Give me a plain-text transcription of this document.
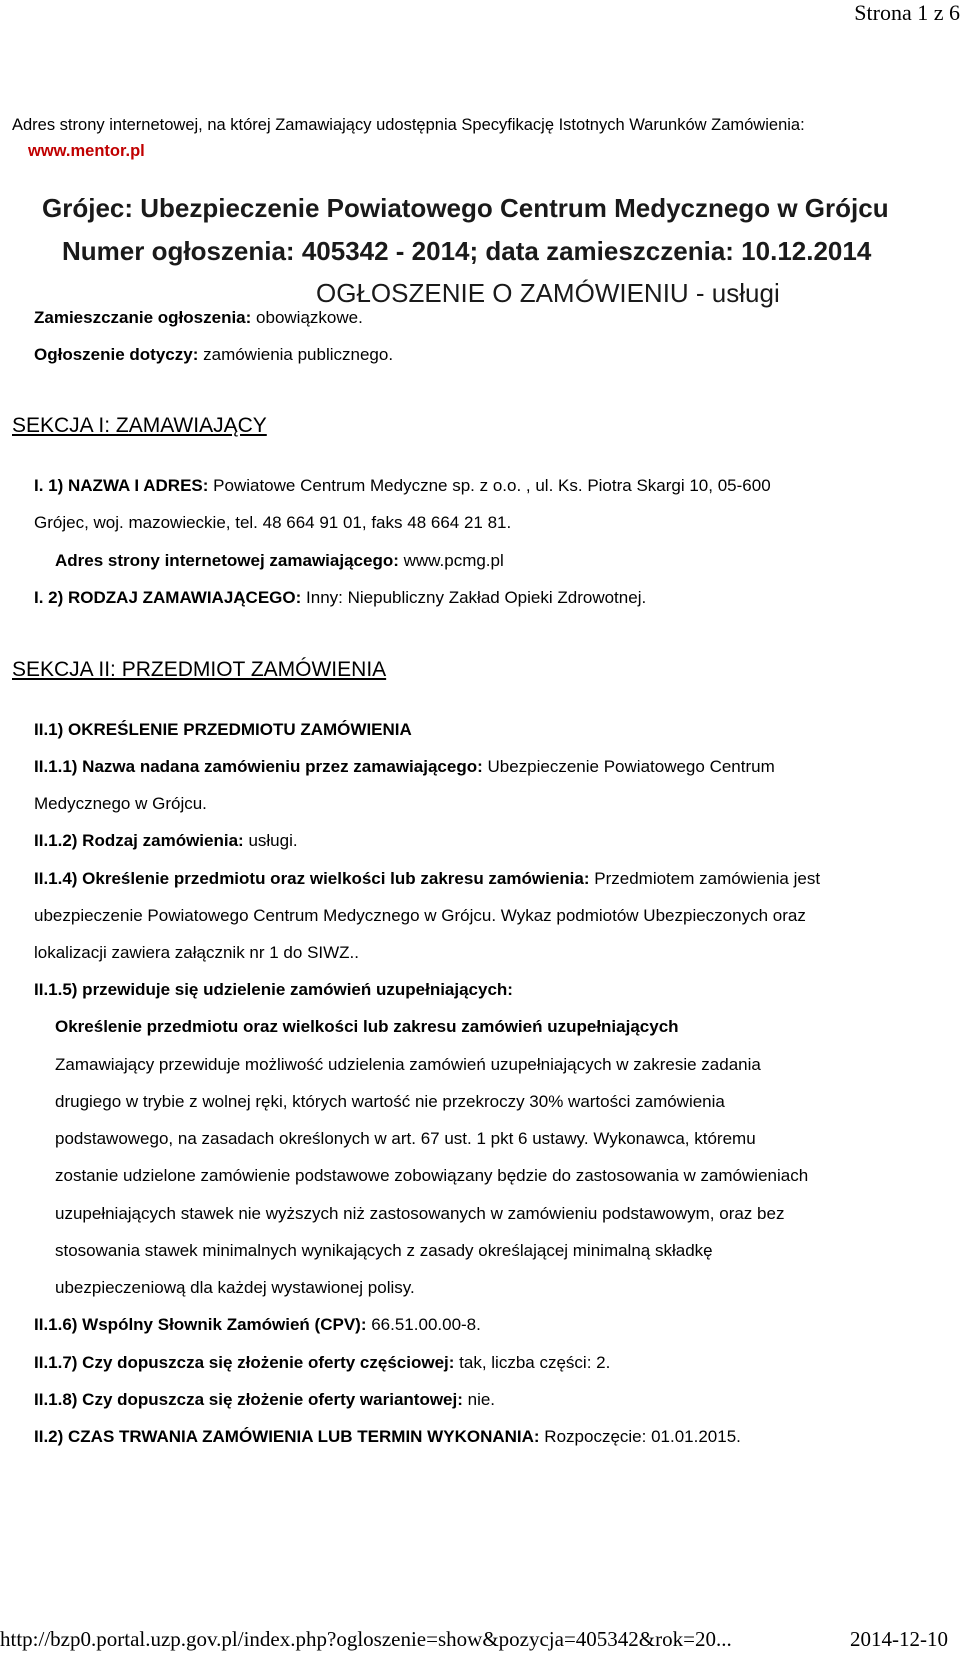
Strona 1 z 6
Adres strony internetowej, na której Zamawiający udostępnia Specyfikację Istotnych Warunków Zamówienia:
www.mentor.pl
Grójec: Ubezpieczenie Powiatowego Centrum Medycznego w Grójcu
Numer ogłoszenia: 405342 - 2014; data zamieszczenia: 10.12.2014
OGŁOSZENIE O ZAMÓWIENIU - usługi
Zamieszczanie ogłoszenia: obowiązkowe.
Ogłoszenie dotyczy: zamówienia publicznego.
SEKCJA I: ZAMAWIAJĄCY
I. 1) NAZWA I ADRES: Powiatowe Centrum Medyczne sp. z o.o. , ul. Ks. Piotra Skargi 10, 05-600
Grójec, woj. mazowieckie, tel. 48 664 91 01, faks 48 664 21 81.
Adres strony internetowej zamawiającego: www.pcmg.pl
I. 2) RODZAJ ZAMAWIAJĄCEGO: Inny: Niepubliczny Zakład Opieki Zdrowotnej.
SEKCJA II: PRZEDMIOT ZAMÓWIENIA
II.1) OKREŚLENIE PRZEDMIOTU ZAMÓWIENIA
II.1.1) Nazwa nadana zamówieniu przez zamawiającego: Ubezpieczenie Powiatowego Centrum
Medycznego w Grójcu.
II.1.2) Rodzaj zamówienia: usługi.
II.1.4) Określenie przedmiotu oraz wielkości lub zakresu zamówienia: Przedmiotem zamówienia jest
ubezpieczenie Powiatowego Centrum Medycznego w Grójcu. Wykaz podmiotów Ubezpieczonych oraz
lokalizacji zawiera załącznik nr 1 do SIWZ..
II.1.5) przewiduje się udzielenie zamówień uzupełniających:
Określenie przedmiotu oraz wielkości lub zakresu zamówień uzupełniających
Zamawiający przewiduje możliwość udzielenia zamówień uzupełniających w zakresie zadania
drugiego w trybie z wolnej ręki, których wartość nie przekroczy 30% wartości zamówienia
podstawowego, na zasadach określonych w art. 67 ust. 1 pkt 6 ustawy. Wykonawca, któremu
zostanie udzielone zamówienie podstawowe zobowiązany będzie do zastosowania w zamówieniach
uzupełniających stawek nie wyższych niż zastosowanych w zamówieniu podstawowym, oraz bez
stosowania stawek minimalnych wynikających z zasady określającej minimalną składkę
ubezpieczeniową dla każdej wystawionej polisy.
II.1.6) Wspólny Słownik Zamówień (CPV): 66.51.00.00-8.
II.1.7) Czy dopuszcza się złożenie oferty częściowej: tak, liczba części: 2.
II.1.8) Czy dopuszcza się złożenie oferty wariantowej: nie.
II.2) CZAS TRWANIA ZAMÓWIENIA LUB TERMIN WYKONANIA: Rozpoczęcie: 01.01.2015.
http://bzp0.portal.uzp.gov.pl/index.php?ogloszenie=show&pozycja=405342&rok=20...	2014-12-10
